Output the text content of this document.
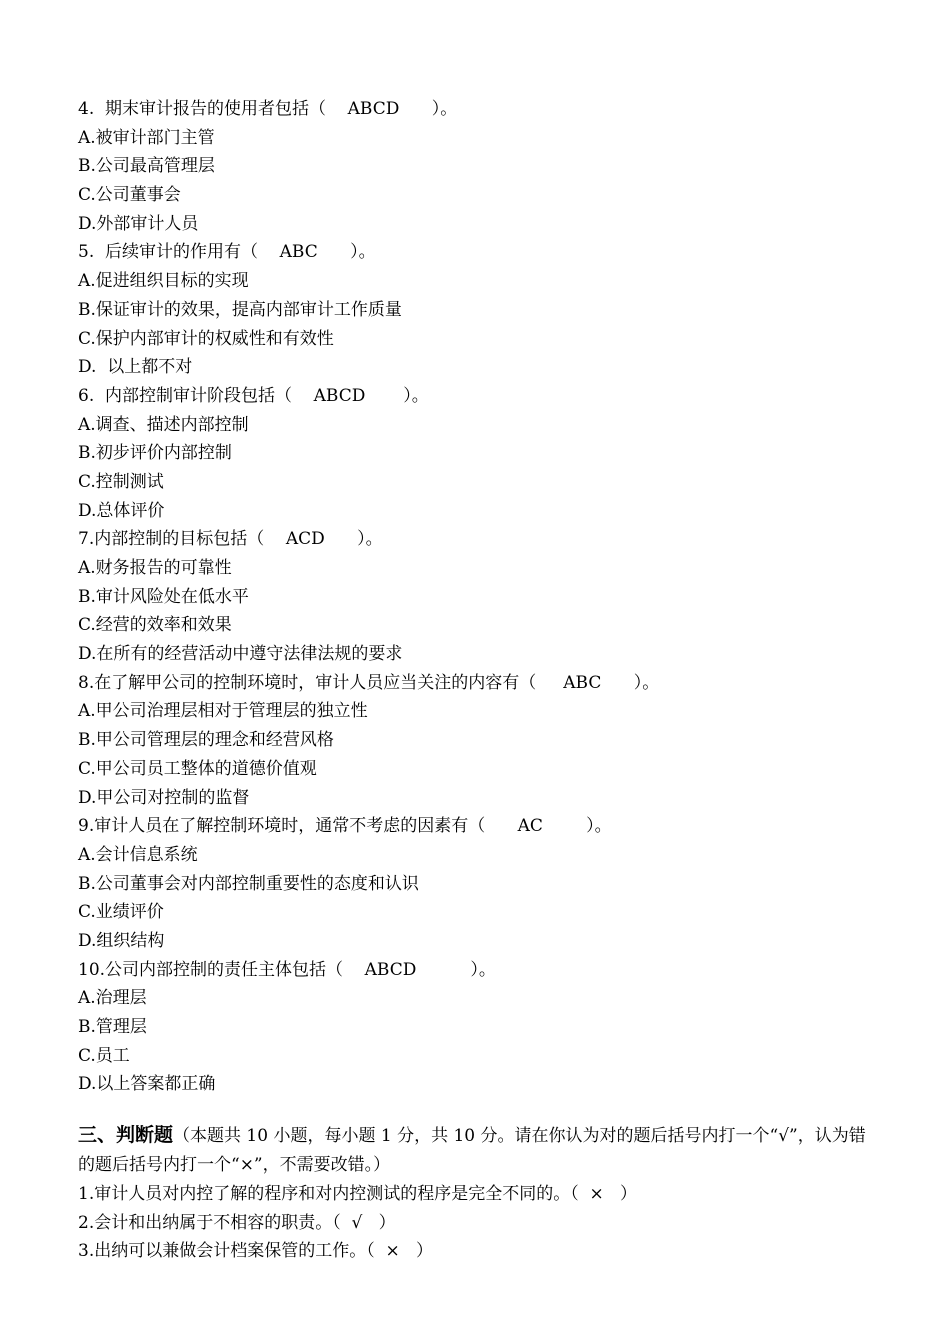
4.  期末审计报告的使用者包括（    ABCD      ）。
A.被审计部门主管
B.公司最高管理层
C.公司董事会
D.外部审计人员
5.  后续审计的作用有（    ABC      ）。
A.促进组织目标的实现
B.保证审计的效果，提高内部审计工作质量
C.保护内部审计的权威性和有效性
D.  以上都不对
6.  内部控制审计阶段包括（    ABCD       ）。
A.调查、描述内部控制
B.初步评价内部控制
C.控制测试
D.总体评价
7.内部控制的目标包括（    ACD      ）。
A.财务报告的可靠性
B.审计风险处在低水平
C.经营的效率和效果
D.在所有的经营活动中遵守法律法规的要求
8.在了解甲公司的控制环境时，审计人员应当关注的内容有（     ABC      ）。
A.甲公司治理层相对于管理层的独立性
B.甲公司管理层的理念和经营风格
C.甲公司员工整体的道德价值观
D.甲公司对控制的监督
9.审计人员在了解控制环境时，通常不考虑的因素有（      AC        ）。
A.会计信息系统
B.公司董事会对内部控制重要性的态度和认识
C.业绩评价
D.组织结构
10.公司内部控制的责任主体包括（    ABCD          ）。
A.治理层
B.管理层
C.员工
D.以上答案都正确
三、判断题（本题共 10 小题，每小题 1 分，共 10 分。请在你认为对的题后括号内打一个“√”，认为错的题后括号内打一个“×”，不需要改错。）
1.审计人员对内控了解的程序和对内控测试的程序是完全不同的。（  ×   ）
2.会计和出纳属于不相容的职责。（  √   ）
3.出纳可以兼做会计档案保管的工作。（  ×   ）
